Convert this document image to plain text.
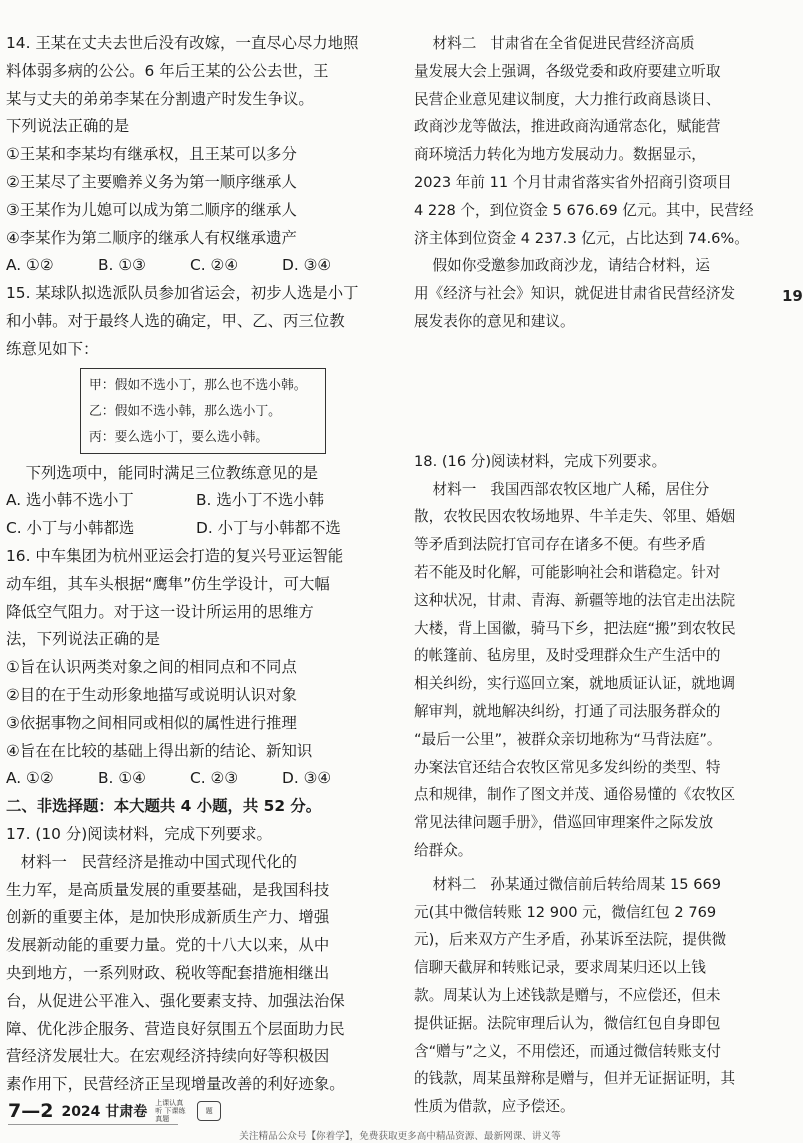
14. 王某在丈夫去世后没有改嫁，一直尽心尽力地照
料体弱多病的公公。6 年后王某的公公去世，王
某与丈夫的弟弟李某在分割遗产时发生争议。
下列说法正确的是
①王某和李某均有继承权，且王某可以多分
②王某尽了主要赡养义务为第一顺序继承人
③王某作为儿媳可以成为第二顺序的继承人
④李某作为第二顺序的继承人有权继承遗产
A. ①②	B. ①③	C. ②④	D. ③④
15. 某球队拟选派队员参加省运会，初步人选是小丁
和小韩。对于最终人选的确定，甲、乙、丙三位教
练意见如下：
甲：假如不选小丁，那么也不选小韩。
乙：假如不选小韩，那么选小丁。
丙：要么选小丁，要么选小韩。
下列选项中，能同时满足三位教练意见的是
A. 选小韩不选小丁	B. 选小丁不选小韩
C. 小丁与小韩都选	D. 小丁与小韩都不选
16. 中车集团为杭州亚运会打造的复兴号亚运智能
动车组，其车头根据“鹰隼”仿生学设计，可大幅
降低空气阻力。对于这一设计所运用的思维方
法，下列说法正确的是
①旨在认识两类对象之间的相同点和不同点
②目的在于生动形象地描写或说明认识对象
③依据事物之间相同或相似的属性进行推理
④旨在在比较的基础上得出新的结论、新知识
A. ①②	B. ①④	C. ②③	D. ③④
二、非选择题：本大题共 4 小题，共 52 分。
17. (10 分)阅读材料，完成下列要求。
材料一   民营经济是推动中国式现代化的
生力军，是高质量发展的重要基础，是我国科技
创新的重要主体，是加快形成新质生产力、增强
发展新动能的重要力量。党的十八大以来，从中
央到地方，一系列财政、税收等配套措施相继出
台，从促进公平准入、强化要素支持、加强法治保
障、优化涉企服务、营造良好氛围五个层面助力民
营经济发展壮大。在宏观经济持续向好等积极因
素作用下，民营经济正呈现增量改善的利好迹象。
材料二   甘肃省在全省促进民营经济高质
量发展大会上强调，各级党委和政府要建立听取
民营企业意见建议制度，大力推行政商恳谈日、
政商沙龙等做法，推进政商沟通常态化，赋能营
商环境活力转化为地方发展动力。数据显示，
2023 年前 11 个月甘肃省落实省外招商引资项目
4 228 个，到位资金 5 676.69 亿元。其中，民营经
济主体到位资金 4 237.3 亿元，占比达到 74.6%。
假如你受邀参加政商沙龙，请结合材料，运
用《经济与社会》知识，就促进甘肃省民营经济发
展发表你的意见和建议。
18. (16 分)阅读材料，完成下列要求。
材料一   我国西部农牧区地广人稀，居住分
散，农牧民因农牧场地界、牛羊走失、邻里、婚姻
等矛盾到法院打官司存在诸多不便。有些矛盾
若不能及时化解，可能影响社会和谐稳定。针对
这种状况，甘肃、青海、新疆等地的法官走出法院
大楼，背上国徽，骑马下乡，把法庭“搬”到农牧民
的帐篷前、毡房里，及时受理群众生产生活中的
相关纠纷，实行巡回立案，就地质证认证，就地调
解审判，就地解决纠纷，打通了司法服务群众的
“最后一公里”，被群众亲切地称为“马背法庭”。
办案法官还结合农牧区常见多发纠纷的类型、特
点和规律，制作了图文并茂、通俗易懂的《农牧区
常见法律问题手册》，借巡回审理案件之际发放
给群众。
材料二   孙某通过微信前后转给周某 15 669
元(其中微信转账 12 900 元，微信红包 2 769
元)，后来双方产生矛盾，孙某诉至法院，提供微
信聊天截屏和转账记录，要求周某归还以上钱
款。周某认为上述钱款是赠与，不应偿还，但未
提供证据。法院审理后认为，微信红包自身即包
含“赠与”之义，不用偿还，而通过微信转账支付
的钱款，周某虽辩称是赠与，但并无证据证明，其
性质为借款，应予偿还。
19
7—2 2024 甘肃卷
上课认真听 下课练真题
题
关注精品公众号【你着学】，免费获取更多高中精品资源、最新网课、讲义等
